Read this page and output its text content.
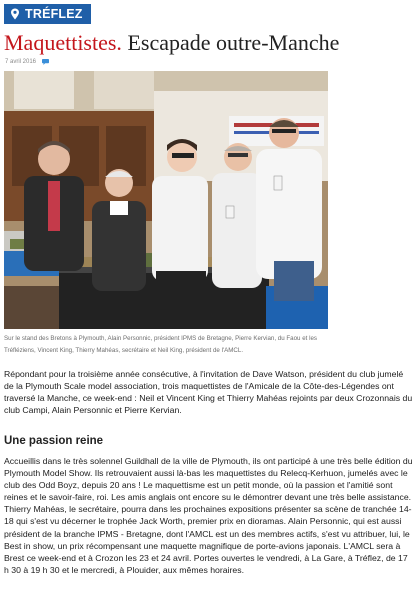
TRÉFLEZ
Maquettistes. Escapade outre-Manche
7 avril 2016
Sur le stand des Bretons à Plymouth, Alain Personnic, président IPMS de Bretagne, Pierre Kervian, du Faou et les Tréfléziens, Vincent King, Thierry Mahéas, secrétaire et Neil King, président de l'AMCL.

Répondant pour la troisième année consécutive, à l'invitation de Dave Watson, président du club jumelé de la Plymouth Scale model association, trois maquettistes de l'Amicale de la Côte-des-Légendes ont traversé la Manche, ce week-end : Neil et Vincent King et Thierry Mahéas rejoints par deux Crozonnais du club Campi, Alain Personnic et Pierre Kervian.

Une passion reine

Accueillis dans le très solennel Guildhall de la ville de Plymouth, ils ont participé à une très belle édition du Plymouth Model Show. Ils retrouvaient aussi là-bas les maquettistes du Relecq-Kerhuon, jumelés avec le club des Odd Boyz, depuis 20 ans ! Le maquettisme est un petit monde, où la passion et l'amitié sont reines et le savoir-faire, roi. Les amis anglais ont encore su le démontrer devant une très belle assistance. Thierry Mahéas, le secrétaire, pourra dans les prochaines expositions présenter sa scène de tranchée 14-18 qui s'est vu décerner le trophée Jack Worth, premier prix en dioramas. Alain Personnic, qui est aussi président de la branche IPMS - Bretagne, dont l'AMCL est un des membres actifs, s'est vu attribuer, lui, le Best in show, un prix récompensant une maquette magnifique de porte-avions japonais. L'AMCL sera à Brest ce week-end et à Crozon les 23 et 24 avril. Portes ouvertes le vendredi, à La Gare, à Tréflez, de 17 h 30 à 19 h 30 et le mercredi, à Plouider, aux mêmes horaires.
